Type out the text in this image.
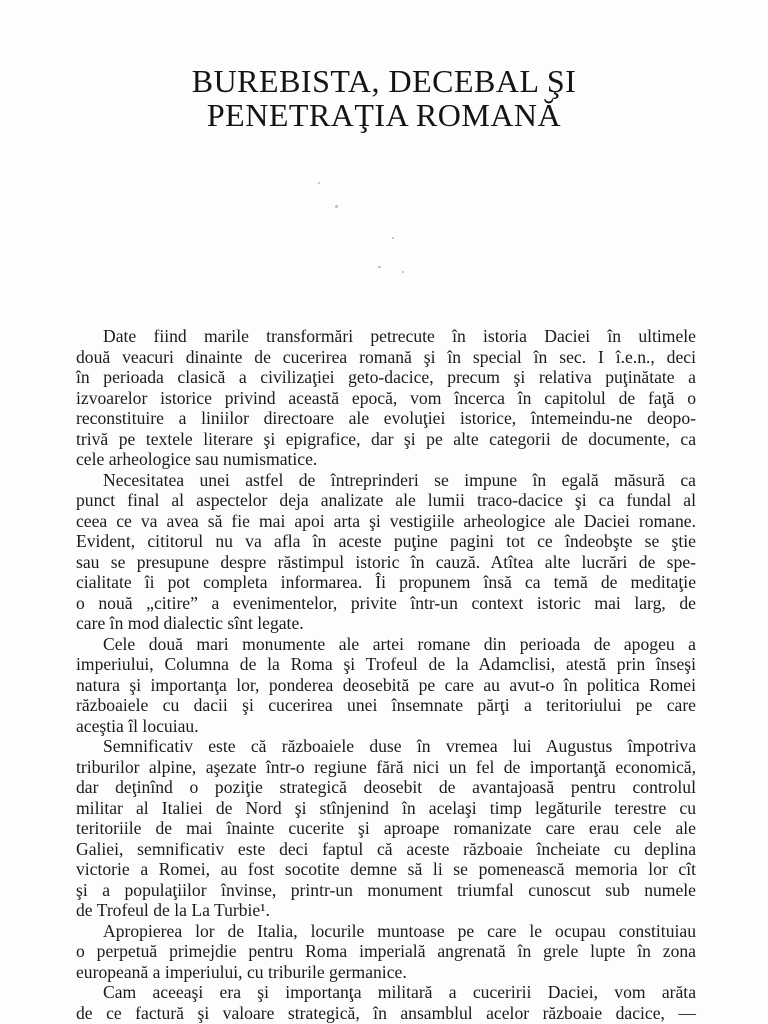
BUREBISTA, DECEBAL ŞI
PENETRAŢIA ROMANĂ
Date fiind marile transformări petrecute în istoria Daciei în ultimele
două veacuri dinainte de cucerirea romană şi în special în sec. I î.e.n., deci
în perioada clasică a civilizaţiei geto-dacice, precum şi relativa puţinătate a
izvoarelor istorice privind această epocă, vom încerca în capitolul de faţă o
reconstituire a liniilor directoare ale evoluţiei istorice, întemeindu-ne deopo-
trivă pe textele literare şi epigrafice, dar şi pe alte categorii de documente, ca
cele arheologice sau numismatice.
Necesitatea unei astfel de întreprinderi se impune în egală măsură ca
punct final al aspectelor deja analizate ale lumii traco-dacice şi ca fundal al
ceea ce va avea să fie mai apoi arta şi vestigiile arheologice ale Daciei romane.
Evident, cititorul nu va afla în aceste puţine pagini tot ce îndeobşte se ştie
sau se presupune despre răstimpul istoric în cauză. Atîtea alte lucrări de spe-
cialitate îi pot completa informarea. Îi propunem însă ca temă de meditaţie
o nouă „citire” a evenimentelor, privite într-un context istoric mai larg, de
care în mod dialectic sînt legate.
Cele două mari monumente ale artei romane din perioada de apogeu a
imperiului, Columna de la Roma şi Trofeul de la Adamclisi, atestă prin înseşi
natura şi importanţa lor, ponderea deosebită pe care au avut-o în politica Romei
războaiele cu dacii şi cucerirea unei însemnate părţi a teritoriului pe care
aceştia îl locuiau.
Semnificativ este că războaiele duse în vremea lui Augustus împotriva
triburilor alpine, aşezate într-o regiune fără nici un fel de importanţă economică,
dar deţinînd o poziţie strategică deosebit de avantajoasă pentru controlul
militar al Italiei de Nord şi stînjenind în acelaşi timp legăturile terestre cu
teritoriile de mai înainte cucerite şi aproape romanizate care erau cele ale
Galiei, semnificativ este deci faptul că aceste războaie încheiate cu deplina
victorie a Romei, au fost socotite demne să li se pomenească memoria lor cît
şi a populaţiilor învinse, printr-un monument triumfal cunoscut sub numele
de Trofeul de la La Turbie¹.
Apropierea lor de Italia, locurile muntoase pe care le ocupau constituiau
o perpetuă primejdie pentru Roma imperială angrenată în grele lupte în zona
europeană a imperiului, cu triburile germanice.
Cam aceeaşi era şi importanţa militară a cuceririi Daciei, vom arăta
de ce factură şi valoare strategică, în ansamblul acelor războaie dacice, —
